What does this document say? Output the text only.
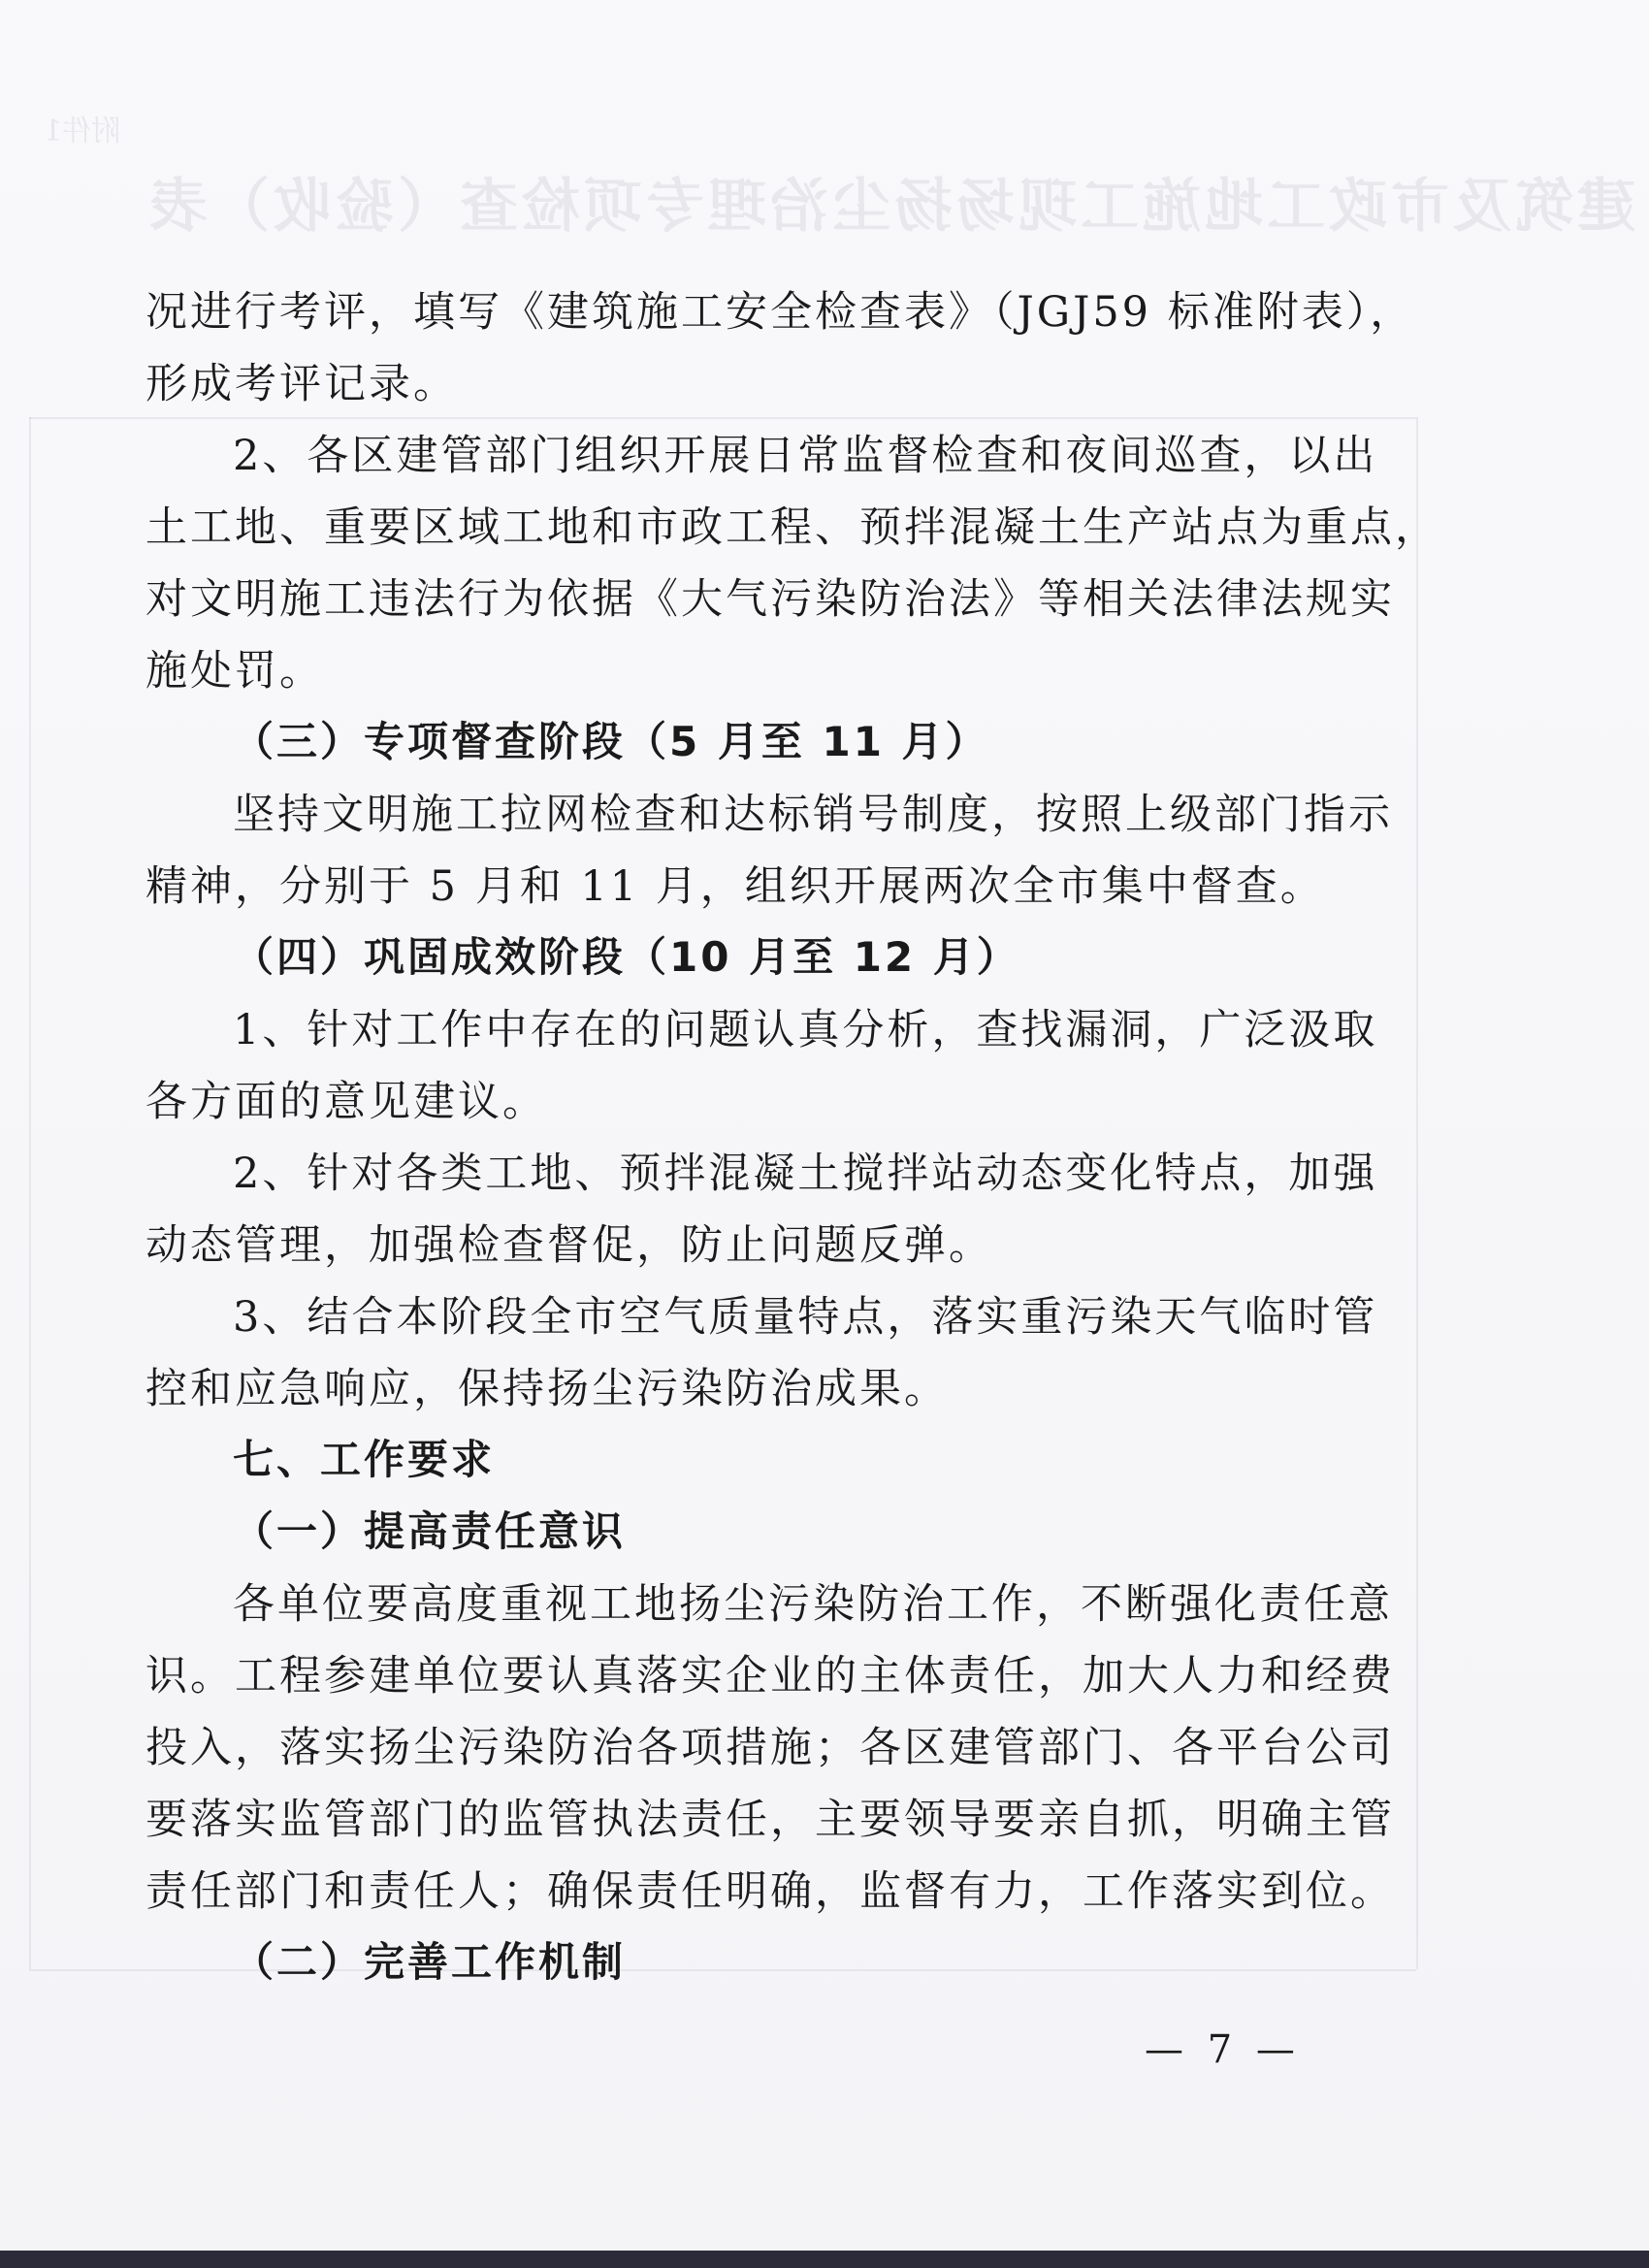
附件1
建筑及市政工地施工现场扬尘治理专项检查（验收）表
况进行考评，填写《建筑施工安全检查表》（JGJ59 标准附表），
形成考评记录。
2、各区建管部门组织开展日常监督检查和夜间巡查，以出
土工地、重要区域工地和市政工程、预拌混凝土生产站点为重点，
对文明施工违法行为依据《大气污染防治法》等相关法律法规实
施处罚。
（三）专项督查阶段（5 月至 11 月）
坚持文明施工拉网检查和达标销号制度，按照上级部门指示
精神，分别于 5 月和 11 月，组织开展两次全市集中督查。
（四）巩固成效阶段（10 月至 12 月）
1、针对工作中存在的问题认真分析，查找漏洞，广泛汲取
各方面的意见建议。
2、针对各类工地、预拌混凝土搅拌站动态变化特点，加强
动态管理，加强检查督促，防止问题反弹。
3、结合本阶段全市空气质量特点，落实重污染天气临时管
控和应急响应，保持扬尘污染防治成果。
七、工作要求
（一）提高责任意识
各单位要高度重视工地扬尘污染防治工作，不断强化责任意
识。工程参建单位要认真落实企业的主体责任，加大人力和经费
投入，落实扬尘污染防治各项措施；各区建管部门、各平台公司
要落实监管部门的监管执法责任，主要领导要亲自抓，明确主管
责任部门和责任人；确保责任明确，监督有力，工作落实到位。
（二）完善工作机制
— 7 —
